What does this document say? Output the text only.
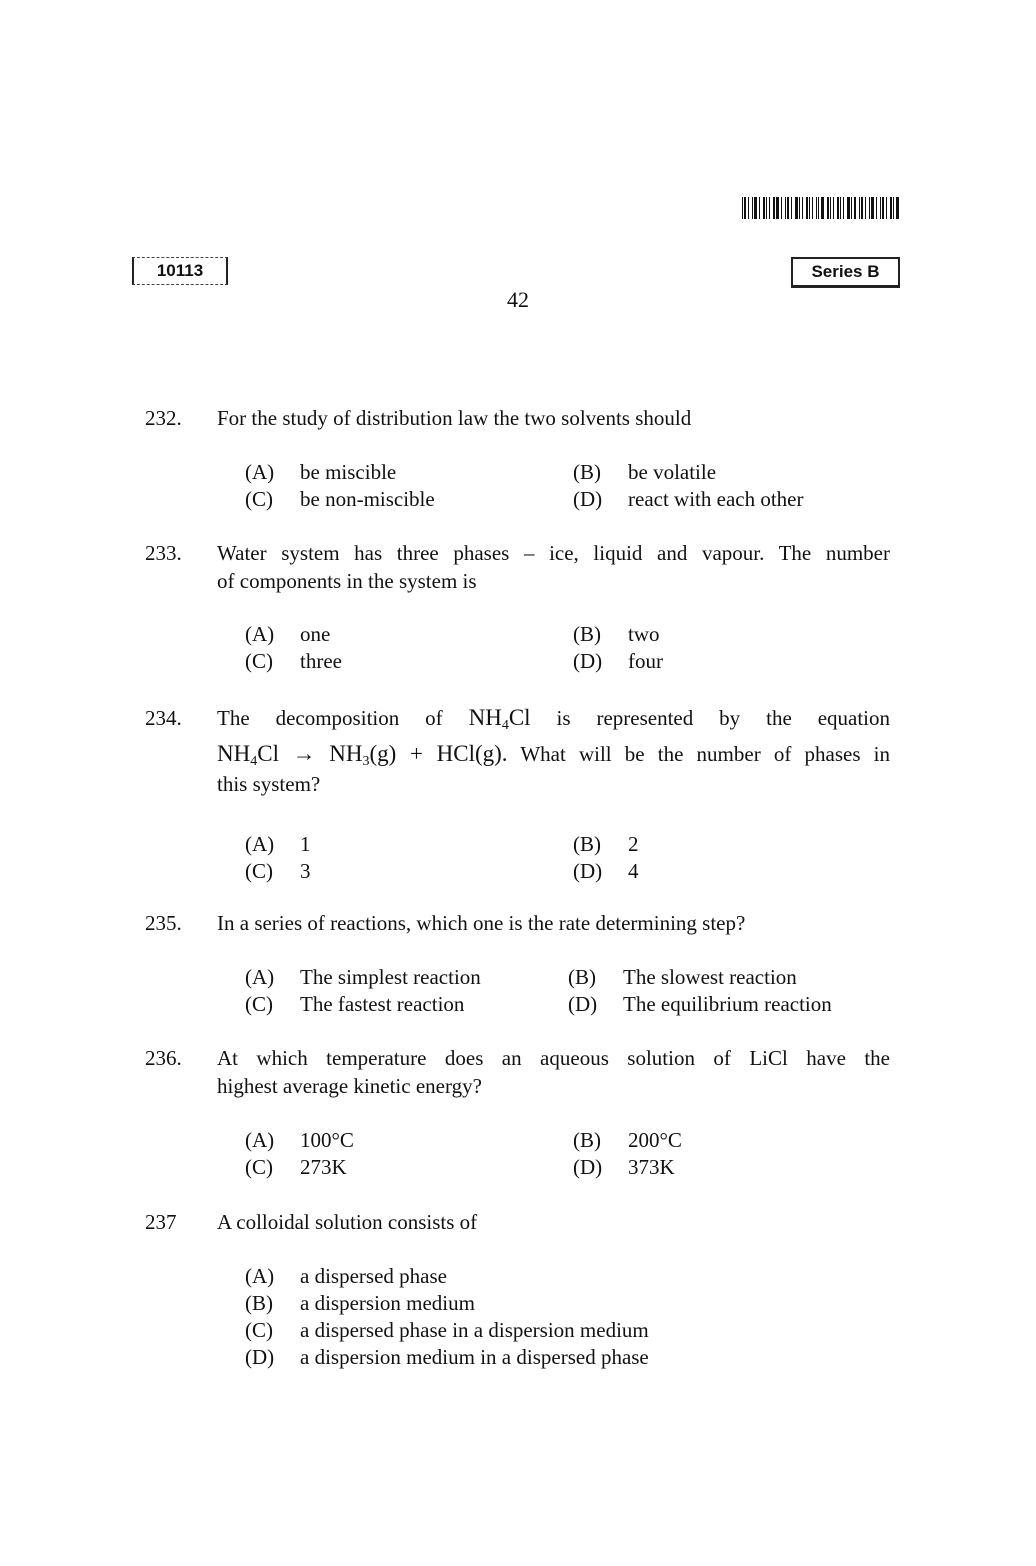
10113	Series B
42
232. For the study of distribution law the two solvents should
(A) be miscible	(B) be volatile
(C) be non-miscible	(D) react with each other
233. Water system has three phases – ice, liquid and vapour. The number
of components in the system is
(A) one	(B) two
(C) three	(D) four
234. The decomposition of $NH_4Cl$ is represented by the equation
$NH_4Cl \to NH_3(g) + HCl(g)$. What will be the number of phases in
this system?
(A) 1	(B) 2
(C) 3	(D) 4
235. In a series of reactions, which one is the rate determining step?
(A) The simplest reaction	(B) The slowest reaction
(C) The fastest reaction	(D) The equilibrium reaction
236. At which temperature does an aqueous solution of LiCl have the
highest average kinetic energy?
(A) 100°C	(B) 200°C
(C) 273K	(D) 373K
237 A colloidal solution consists of
(A) a dispersed phase
(B) a dispersion medium
(C) a dispersed phase in a dispersion medium
(D) a dispersion medium in a dispersed phase
